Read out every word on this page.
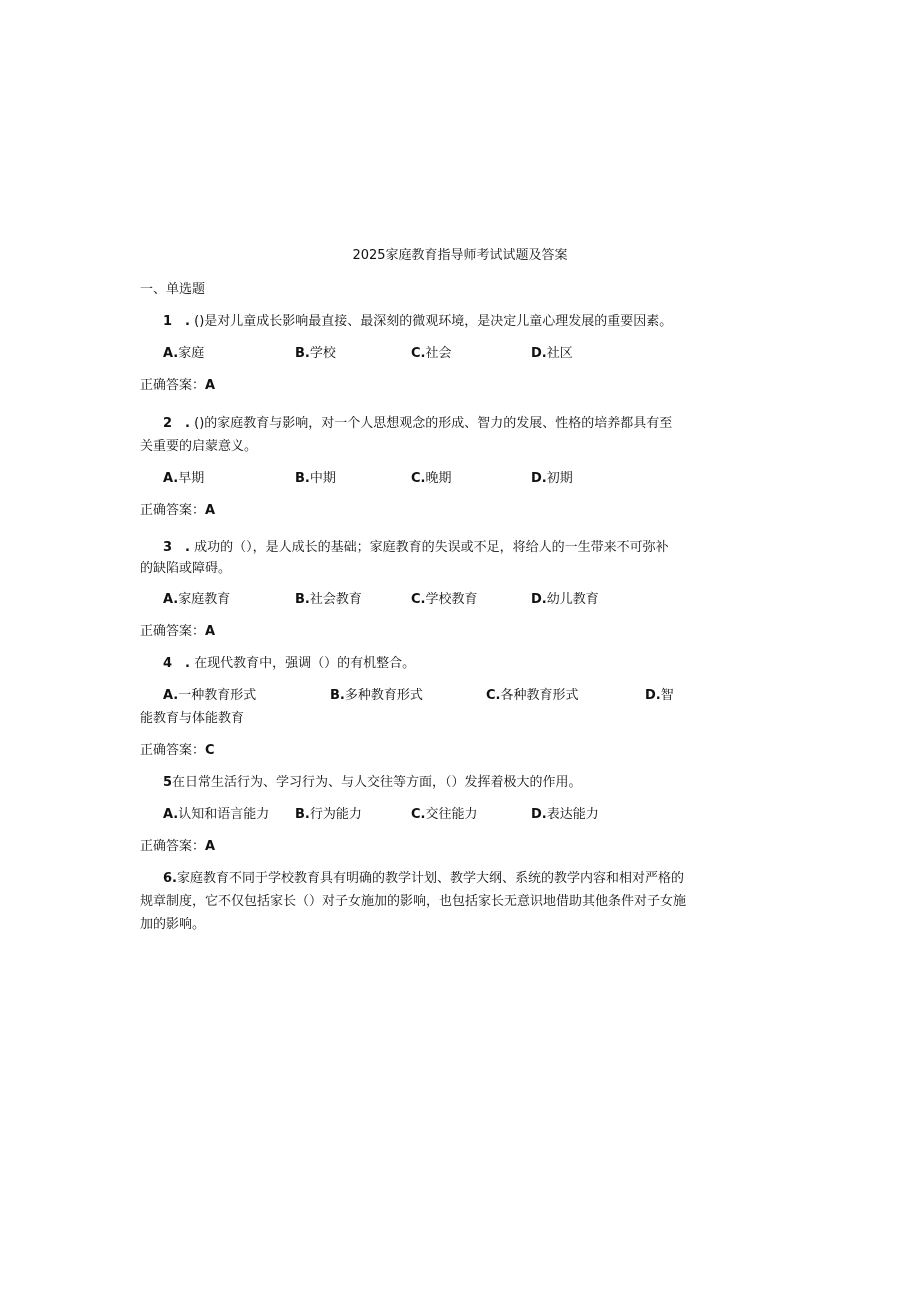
2025家庭教育指导师考试试题及答案
一、单选题
1　. ()是对儿童成长影响最直接、最深刻的微观环境，是决定儿童心理发展的重要因素。
A.家庭	B.学校	C.社会	D.社区
正确答案：A
2　. ()的家庭教育与影响，对一个人思想观念的形成、智力的发展、性格的培养都具有至
关重要的启蒙意义。
A.早期	B.中期	C.晚期	D.初期
正确答案：A
3　. 成功的（），是人成长的基础；家庭教育的失误或不足，将给人的一生带来不可弥补
的缺陷或障碍。
A.家庭教育	B.社会教育	C.学校教育	D.幼儿教育
正确答案：A
4　. 在现代教育中，强调（）的有机整合。
A.一种教育形式	B.多种教育形式	C.各种教育形式	D.智
能教育与体能教育
正确答案：C
5在日常生活行为、学习行为、与人交往等方面，（）发挥着极大的作用。
A.认知和语言能力 B.行为能力	C.交往能力	D.表达能力
正确答案：A
6.家庭教育不同于学校教育具有明确的教学计划、教学大纲、系统的教学内容和相对严格的
规章制度，它不仅包括家长（）对子女施加的影响，也包括家长无意识地借助其他条件对子女施
加的影响。
